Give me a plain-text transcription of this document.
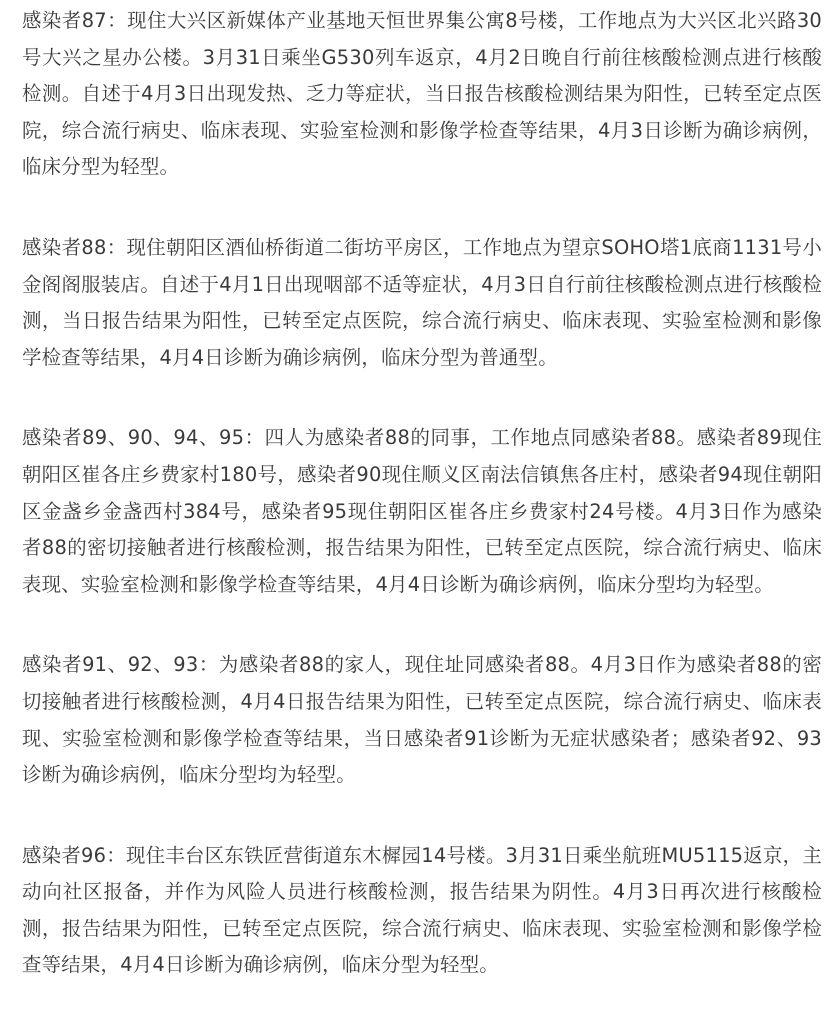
感染者87：现住大兴区新媒体产业基地天恒世界集公寓8号楼，工作地点为大兴区北兴路30号大兴之星办公楼。3月31日乘坐G530列车返京，4月2日晚自行前往核酸检测点进行核酸检测。自述于4月3日出现发热、乏力等症状，当日报告核酸检测结果为阳性，已转至定点医院，综合流行病史、临床表现、实验室检测和影像学检查等结果，4月3日诊断为确诊病例，临床分型为轻型。

感染者88：现住朝阳区酒仙桥街道二街坊平房区，工作地点为望京SOHO塔1底商1131号小金阁阁服装店。自述于4月1日出现咽部不适等症状，4月3日自行前往核酸检测点进行核酸检测，当日报告结果为阳性，已转至定点医院，综合流行病史、临床表现、实验室检测和影像学检查等结果，4月4日诊断为确诊病例，临床分型为普通型。

感染者89、90、94、95：四人为感染者88的同事，工作地点同感染者88。感染者89现住朝阳区崔各庄乡费家村180号，感染者90现住顺义区南法信镇焦各庄村，感染者94现住朝阳区金盏乡金盏西村384号，感染者95现住朝阳区崔各庄乡费家村24号楼。4月3日作为感染者88的密切接触者进行核酸检测，报告结果为阳性，已转至定点医院，综合流行病史、临床表现、实验室检测和影像学检查等结果，4月4日诊断为确诊病例，临床分型均为轻型。

感染者91、92、93：为感染者88的家人，现住址同感染者88。4月3日作为感染者88的密切接触者进行核酸检测，4月4日报告结果为阳性，已转至定点医院，综合流行病史、临床表现、实验室检测和影像学检查等结果，当日感染者91诊断为无症状感染者；感染者92、93诊断为确诊病例，临床分型均为轻型。

感染者96：现住丰台区东铁匠营街道东木樨园14号楼。3月31日乘坐航班MU5115返京，主动向社区报备，并作为风险人员进行核酸检测，报告结果为阴性。4月3日再次进行核酸检测，报告结果为阳性，已转至定点医院，综合流行病史、临床表现、实验室检测和影像学检查等结果，4月4日诊断为确诊病例，临床分型为轻型。
